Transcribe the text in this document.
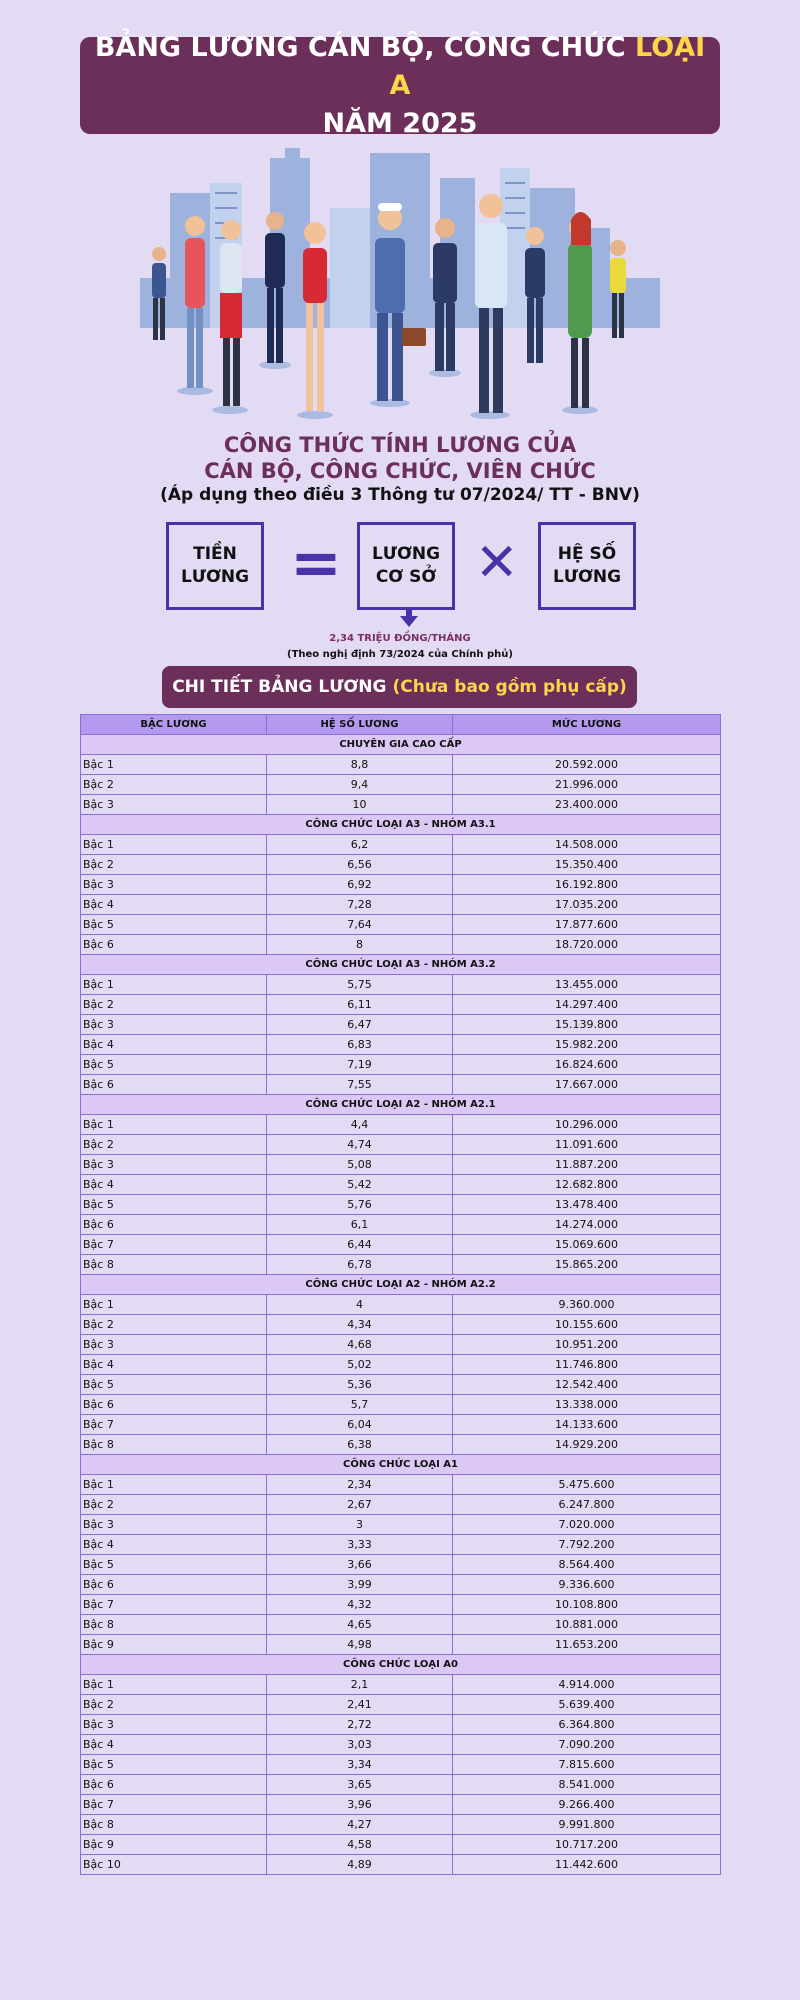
BẢNG LƯƠNG CÁN BỘ, CÔNG CHỨC LOẠI A
NĂM 2025
CÔNG THỨC TÍNH LƯƠNG CỦA
CÁN BỘ, CÔNG CHỨC, VIÊN CHỨC
(Áp dụng theo điều 3 Thông tư 07/2024/ TT - BNV)
TIỀN
LƯƠNG = LƯƠNG
CƠ SỞ ✕ HỆ SỐ
LƯƠNG
2,34 TRIỆU ĐỒNG/THÁNG
(Theo nghị định 73/2024 của Chính phủ)
CHI TIẾT BẢNG LƯƠNG (Chưa bao gồm phụ cấp)
BẬC LƯƠNG	HỆ SỐ LƯƠNG	MỨC LƯƠNG
CHUYÊN GIA CAO CẤP		
Bậc 1	8,8	20.592.000
Bậc 2	9,4	21.996.000
Bậc 3	10	23.400.000
CÔNG CHỨC LOẠI A3 - NHÓM A3.1		
Bậc 1	6,2	14.508.000
Bậc 2	6,56	15.350.400
Bậc 3	6,92	16.192.800
Bậc 4	7,28	17.035.200
Bậc 5	7,64	17.877.600
Bậc 6	8	18.720.000
CÔNG CHỨC LOẠI A3 - NHÓM A3.2		
Bậc 1	5,75	13.455.000
Bậc 2	6,11	14.297.400
Bậc 3	6,47	15.139.800
Bậc 4	6,83	15.982.200
Bậc 5	7,19	16.824.600
Bậc 6	7,55	17.667.000
CÔNG CHỨC LOẠI A2 - NHÓM A2.1		
Bậc 1	4,4	10.296.000
Bậc 2	4,74	11.091.600
Bậc 3	5,08	11.887.200
Bậc 4	5,42	12.682.800
Bậc 5	5,76	13.478.400
Bậc 6	6,1	14.274.000
Bậc 7	6,44	15.069.600
Bậc 8	6,78	15.865.200
CÔNG CHỨC LOẠI A2 - NHÓM A2.2		
Bậc 1	4	9.360.000
Bậc 2	4,34	10.155.600
Bậc 3	4,68	10.951.200
Bậc 4	5,02	11.746.800
Bậc 5	5,36	12.542.400
Bậc 6	5,7	13.338.000
Bậc 7	6,04	14.133.600
Bậc 8	6,38	14.929.200
CÔNG CHỨC LOẠI A1		
Bậc 1	2,34	5.475.600
Bậc 2	2,67	6.247.800
Bậc 3	3	7.020.000
Bậc 4	3,33	7.792.200
Bậc 5	3,66	8.564.400
Bậc 6	3,99	9.336.600
Bậc 7	4,32	10.108.800
Bậc 8	4,65	10.881.000
Bậc 9	4,98	11.653.200
CÔNG CHỨC LOẠI A0		
Bậc 1	2,1	4.914.000
Bậc 2	2,41	5.639.400
Bậc 3	2,72	6.364.800
Bậc 4	3,03	7.090.200
Bậc 5	3,34	7.815.600
Bậc 6	3,65	8.541.000
Bậc 7	3,96	9.266.400
Bậc 8	4,27	9.991.800
Bậc 9	4,58	10.717.200
Bậc 10	4,89	11.442.600
